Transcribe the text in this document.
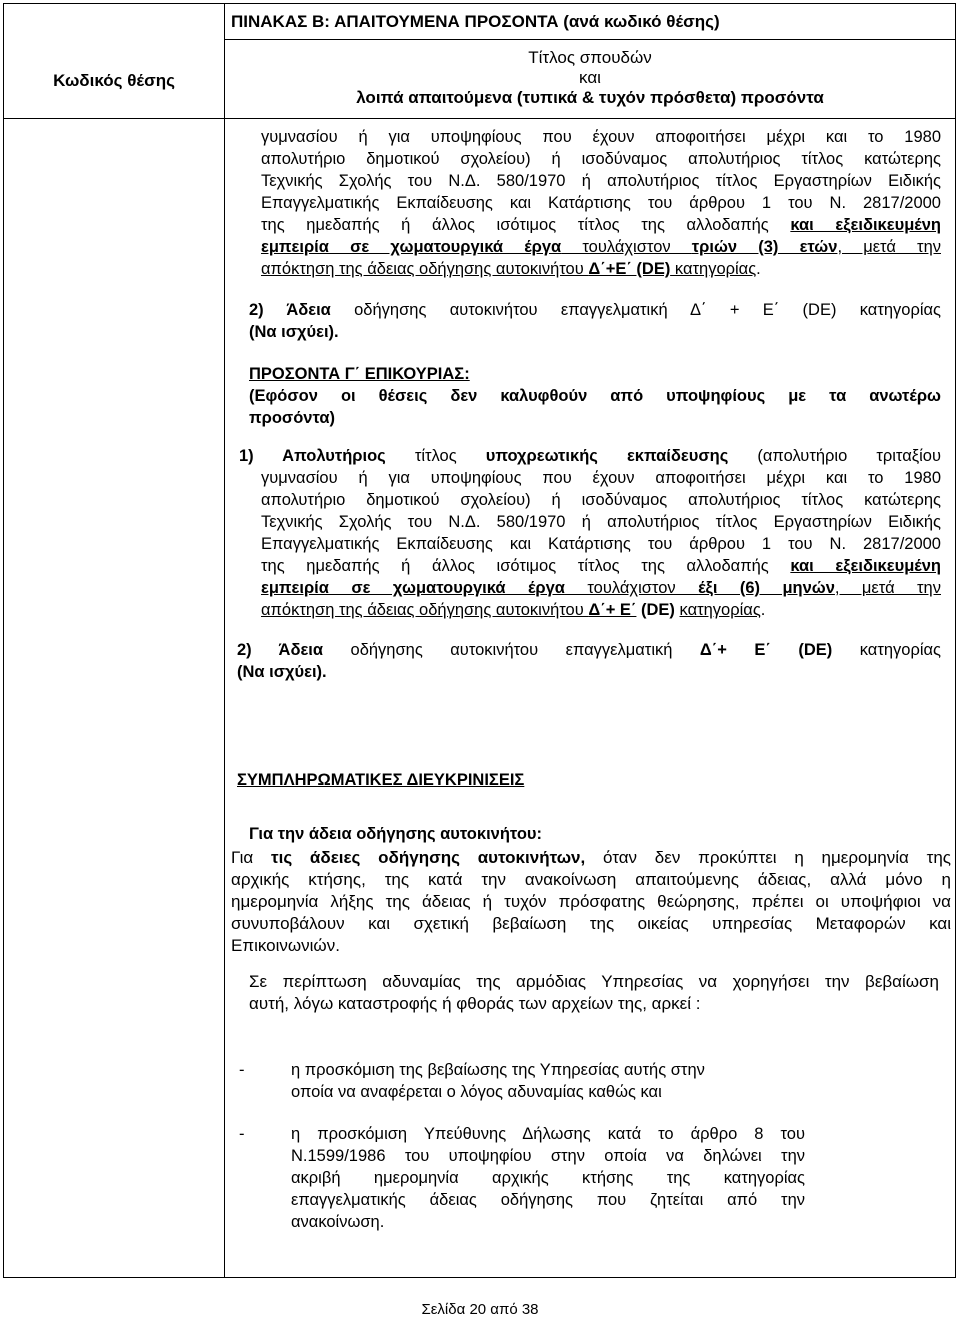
ΠΙΝΑΚΑΣ Β: ΑΠΑΙΤΟΥΜΕΝΑ ΠΡΟΣΟΝΤΑ (ανά κωδικό θέσης)
Κωδικός θέσης
Τίτλος σπουδών
και
λοιπά απαιτούμενα (τυπικά & τυχόν πρόσθετα) προσόντα
γυμνασίου ή για υποψηφίους που έχουν αποφοιτήσει μέχρι και το 1980
απολυτήριο δημοτικού σχολείου) ή ισοδύναμος απολυτήριος τίτλος κατώτερης
Τεχνικής Σχολής του Ν.Δ. 580/1970 ή απολυτήριος τίτλος Εργαστηρίων Ειδικής
Επαγγελματικής Εκπαίδευσης και Κατάρτισης του άρθρου 1 του Ν. 2817/2000
της ημεδαπής ή άλλος ισότιμος τίτλος της αλλοδαπής και εξειδικευμένη
εμπειρία σε χωματουργικά έργα τουλάχιστον τριών (3) ετών, μετά την
απόκτηση της άδειας οδήγησης αυτοκινήτου Δ΄+Ε΄ (DE) κατηγορίας.
2) Άδεια οδήγησης αυτοκινήτου επαγγελματική Δ΄ + Ε΄ (DE) κατηγορίας
(Να ισχύει).
ΠΡΟΣΟΝΤΑ Γ΄ ΕΠΙΚΟΥΡΙΑΣ:
(Εφόσον οι θέσεις δεν καλυφθούν από υποψηφίους με τα ανωτέρω
προσόντα)
1) Απολυτήριος τίτλος υποχρεωτικής εκπαίδευσης (απολυτήριο τριταξίου
γυμνασίου ή για υποψηφίους που έχουν αποφοιτήσει μέχρι και το 1980
απολυτήριο δημοτικού σχολείου) ή ισοδύναμος απολυτήριος τίτλος κατώτερης
Τεχνικής Σχολής του Ν.Δ. 580/1970 ή απολυτήριος τίτλος Εργαστηρίων Ειδικής
Επαγγελματικής Εκπαίδευσης και Κατάρτισης του άρθρου 1 του Ν. 2817/2000
της ημεδαπής ή άλλος ισότιμος τίτλος της αλλοδαπής και εξειδικευμένη
εμπειρία σε χωματουργικά έργα τουλάχιστον έξι (6) μηνών, μετά την
απόκτηση της άδειας οδήγησης αυτοκινήτου Δ΄+ Ε΄ (DE) κατηγορίας.
2) Άδεια οδήγησης αυτοκινήτου επαγγελματική Δ΄+ Ε΄ (DE) κατηγορίας
(Να ισχύει).
ΣΥΜΠΛΗΡΩΜΑΤΙΚΕΣ ΔΙΕΥΚΡΙΝΙΣΕΙΣ
Για την άδεια οδήγησης αυτοκινήτου:
Για τις άδειες οδήγησης αυτοκινήτων, όταν δεν προκύπτει η ημερομηνία της
αρχικής κτήσης, της κατά την ανακοίνωση απαιτούμενης άδειας, αλλά μόνο η
ημερομηνία λήξης της άδειας ή τυχόν πρόσφατης θεώρησης, πρέπει οι υποψήφιοι να
συνυποβάλουν και σχετική βεβαίωση της οικείας υπηρεσίας Μεταφορών και
Επικοινωνιών.
Σε περίπτωση αδυναμίας της αρμόδιας Υπηρεσίας να χορηγήσει την βεβαίωση
αυτή, λόγω καταστροφής ή φθοράς των αρχείων της, αρκεί :
-	η προσκόμιση της βεβαίωσης της Υπηρεσίας αυτής στην
οποία να αναφέρεται ο λόγος αδυναμίας καθώς και
-	η προσκόμιση Υπεύθυνης Δήλωσης κατά το άρθρο 8 του
Ν.1599/1986 του υποψηφίου στην οποία να δηλώνει την
ακριβή ημερομηνία αρχικής κτήσης της κατηγορίας
επαγγελματικής άδειας οδήγησης που ζητείται από την
ανακοίνωση.
Σελίδα 20 από 38
